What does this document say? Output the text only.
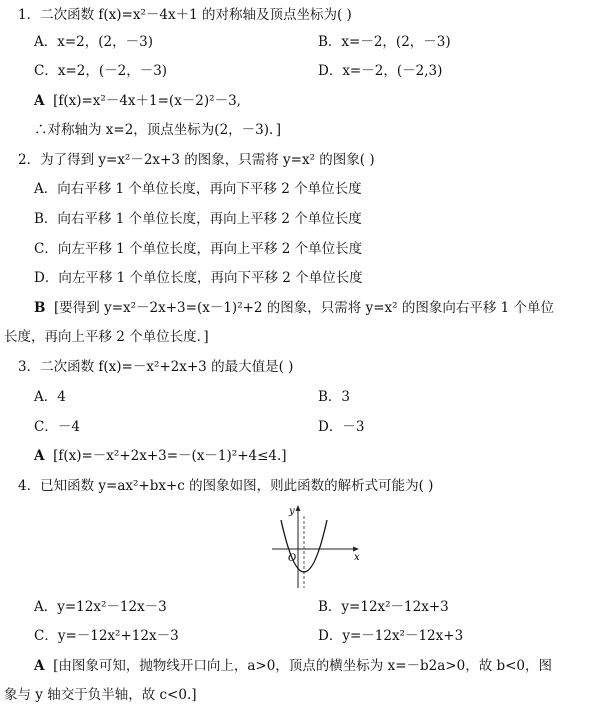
1．二次函数 f(x)=x²－4x＋1 的对称轴及顶点坐标为( )
A．x=2，(2，－3)	B．x=－2，(2，－3)
C．x=2，(－2，－3)	D．x=－2，(－2,3)
A [f(x)=x²－4x＋1=(x－2)²－3,
∴对称轴为 x=2，顶点坐标为(2，－3)．]
2．为了得到 y=x²－2x+3 的图象，只需将 y=x² 的图象( )
A．向右平移 1 个单位长度，再向下平移 2 个单位长度
B．向右平移 1 个单位长度，再向上平移 2 个单位长度
C．向左平移 1 个单位长度，再向上平移 2 个单位长度
D．向左平移 1 个单位长度，再向下平移 2 个单位长度
B [要得到 y=x²－2x+3=(x－1)²+2 的图象，只需将 y=x² 的图象向右平移 1 个单位
长度，再向上平移 2 个单位长度．]
3．二次函数 f(x)=－x²+2x+3 的最大值是( )
A．4	B．3
C．－4	D．－3
A [f(x)=－x²+2x+3=－(x－1)²+4≤4.]
4．已知函数 y=ax²+bx+c 的图象如图，则此函数的解析式可能为( )
y
x
O
A．y=12x²－12x－3	B．y=12x²－12x+3
C．y=－12x²+12x－3	D．y=－12x²－12x+3
A [由图象可知，抛物线开口向上，a>0，顶点的横坐标为 x=－b2a>0，故 b<0，图
象与 y 轴交于负半轴，故 c<0.]
